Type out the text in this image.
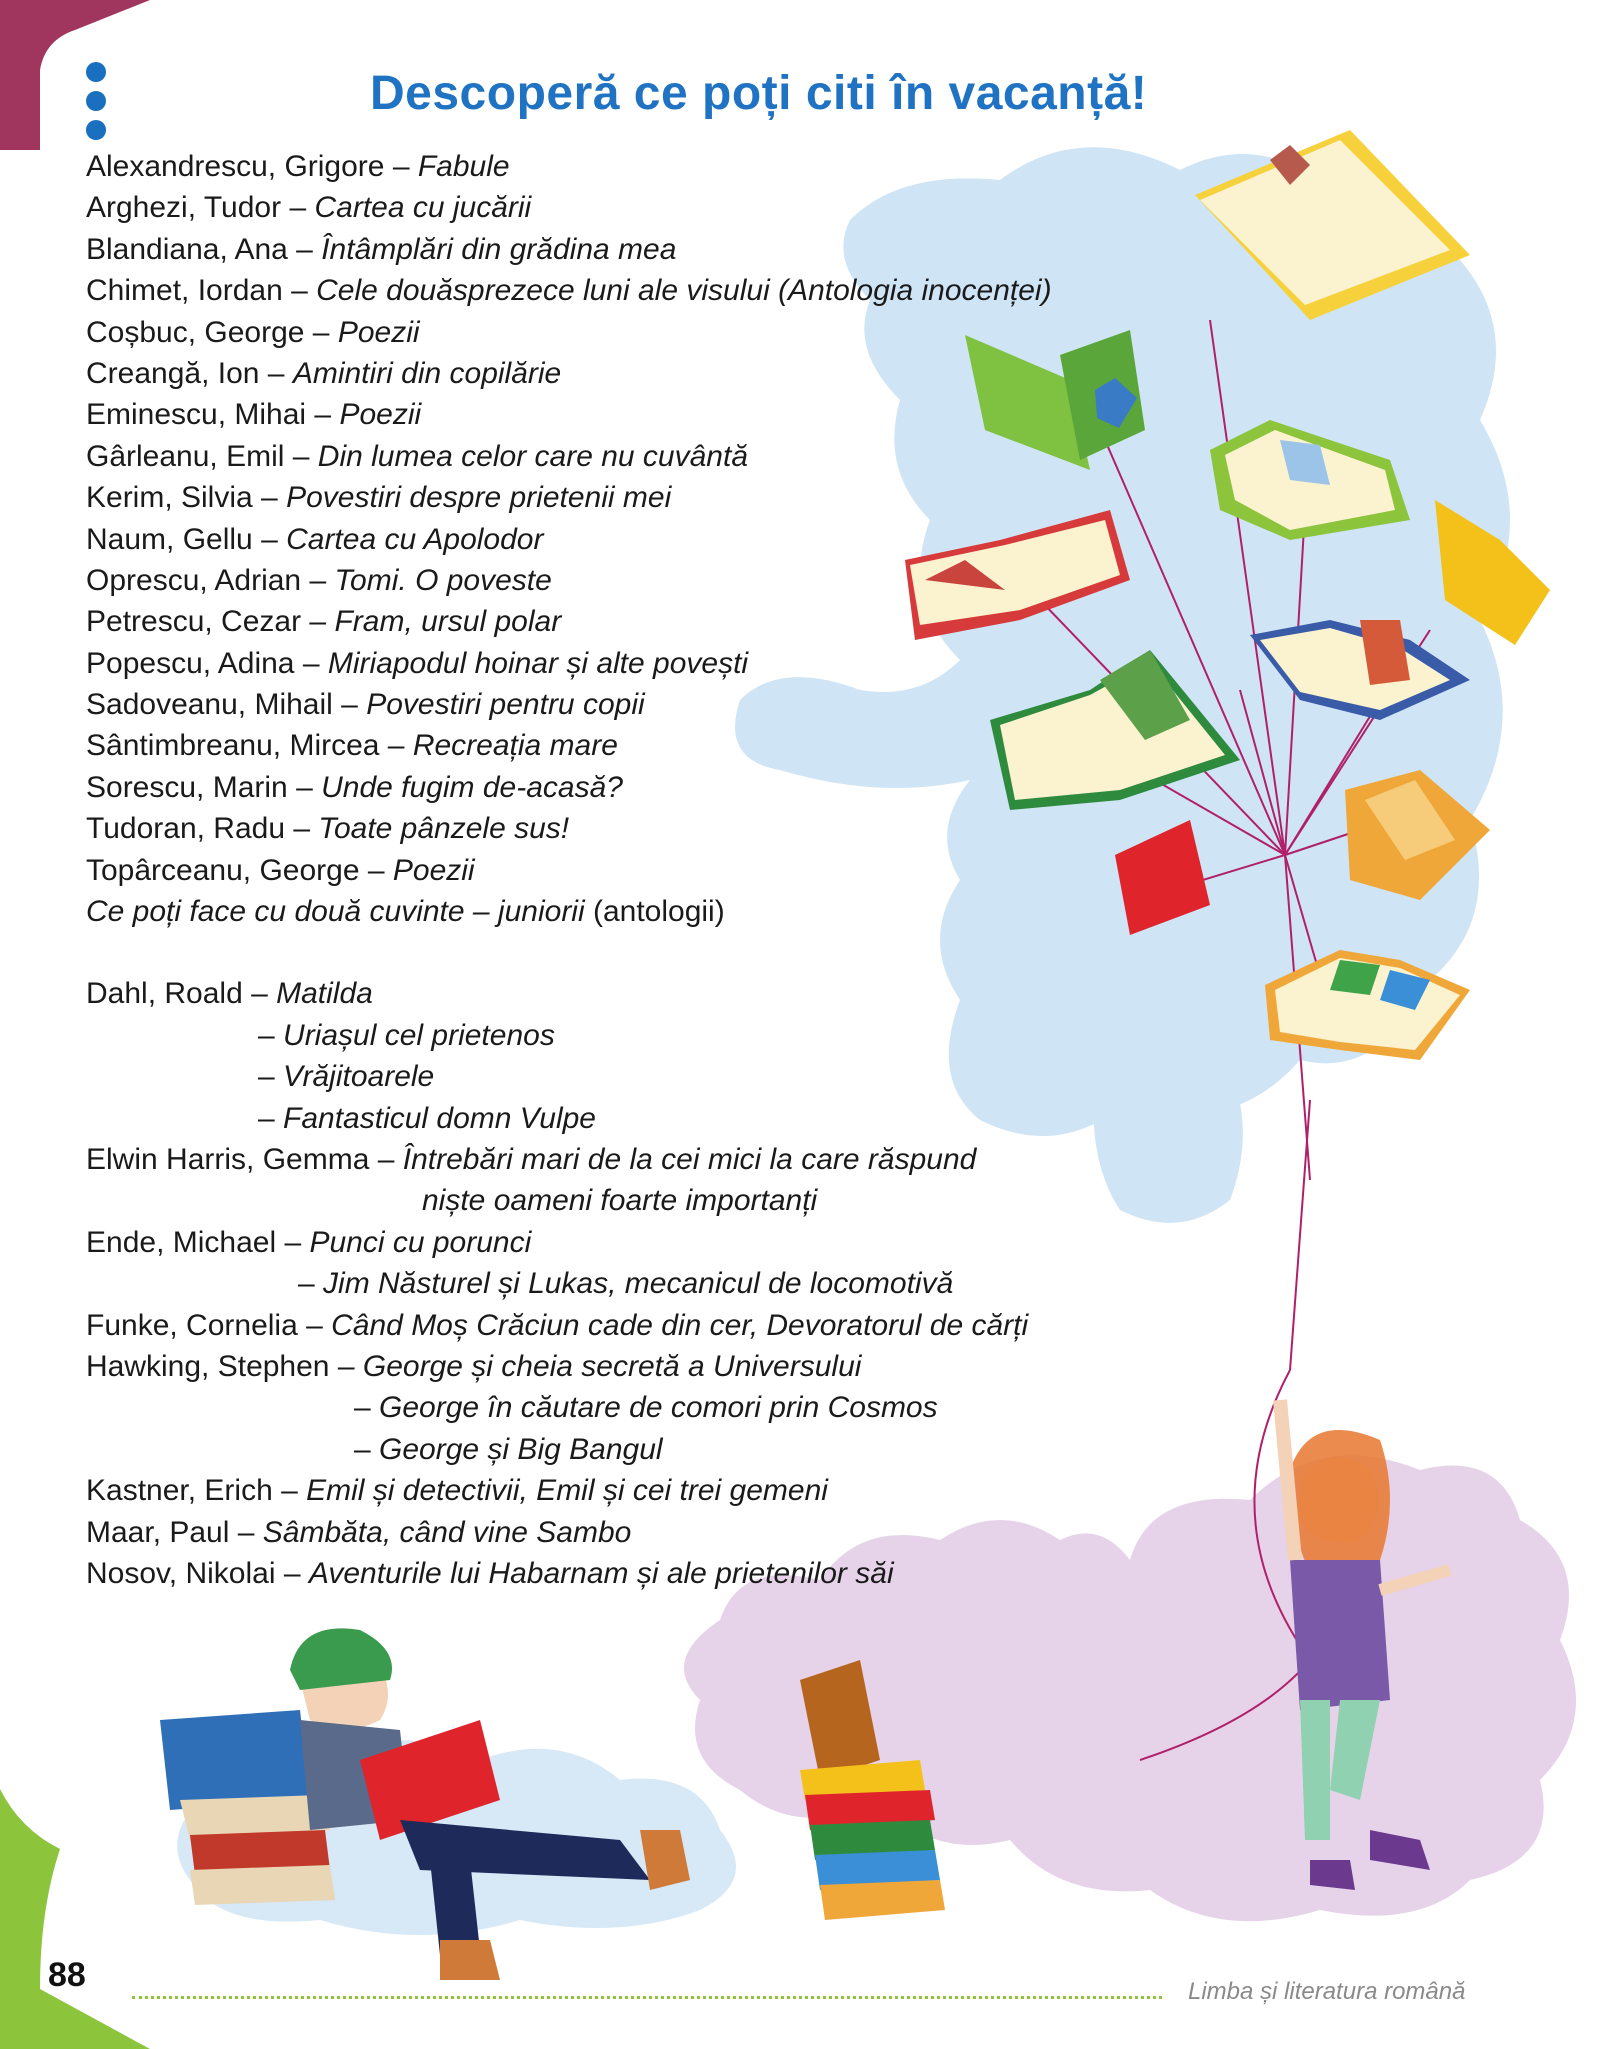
Descoperă ce poți citi în vacanță!
Alexandrescu, Grigore – Fabule
Arghezi, Tudor – Cartea cu jucării
Blandiana, Ana – Întâmplări din grădina mea
Chimet, Iordan – Cele douăsprezece luni ale visului (Antologia inocenței)
Coșbuc, George – Poezii
Creangă, Ion – Amintiri din copilărie
Eminescu, Mihai – Poezii
Gârleanu, Emil – Din lumea celor care nu cuvântă
Kerim, Silvia – Povestiri despre prietenii mei
Naum, Gellu – Cartea cu Apolodor
Oprescu, Adrian – Tomi. O poveste
Petrescu, Cezar – Fram, ursul polar
Popescu, Adina – Miriapodul hoinar și alte povești
Sadoveanu, Mihail – Povestiri pentru copii
Sântimbreanu, Mircea – Recreația mare
Sorescu, Marin – Unde fugim de-acasă?
Tudoran, Radu – Toate pânzele sus!
Topârceanu, George – Poezii
Ce poți face cu două cuvinte – juniorii (antologii)
Dahl, Roald – Matilda
– Uriașul cel prietenos
– Vrăjitoarele
– Fantasticul domn Vulpe
Elwin Harris, Gemma – Întrebări mari de la cei mici la care răspund
niște oameni foarte importanți
Ende, Michael – Punci cu porunci
– Jim Năsturel și Lukas, mecanicul de locomotivă
Funke, Cornelia – Când Moș Crăciun cade din cer, Devoratorul de cărți
Hawking, Stephen – George și cheia secretă a Universului
– George în căutare de comori prin Cosmos
– George și Big Bangul
Kastner, Erich – Emil și detectivii, Emil și cei trei gemeni
Maar, Paul – Sâmbăta, când vine Sambo
Nosov, Nikolai – Aventurile lui Habarnam și ale prietenilor săi
88	Limba și literatura română
